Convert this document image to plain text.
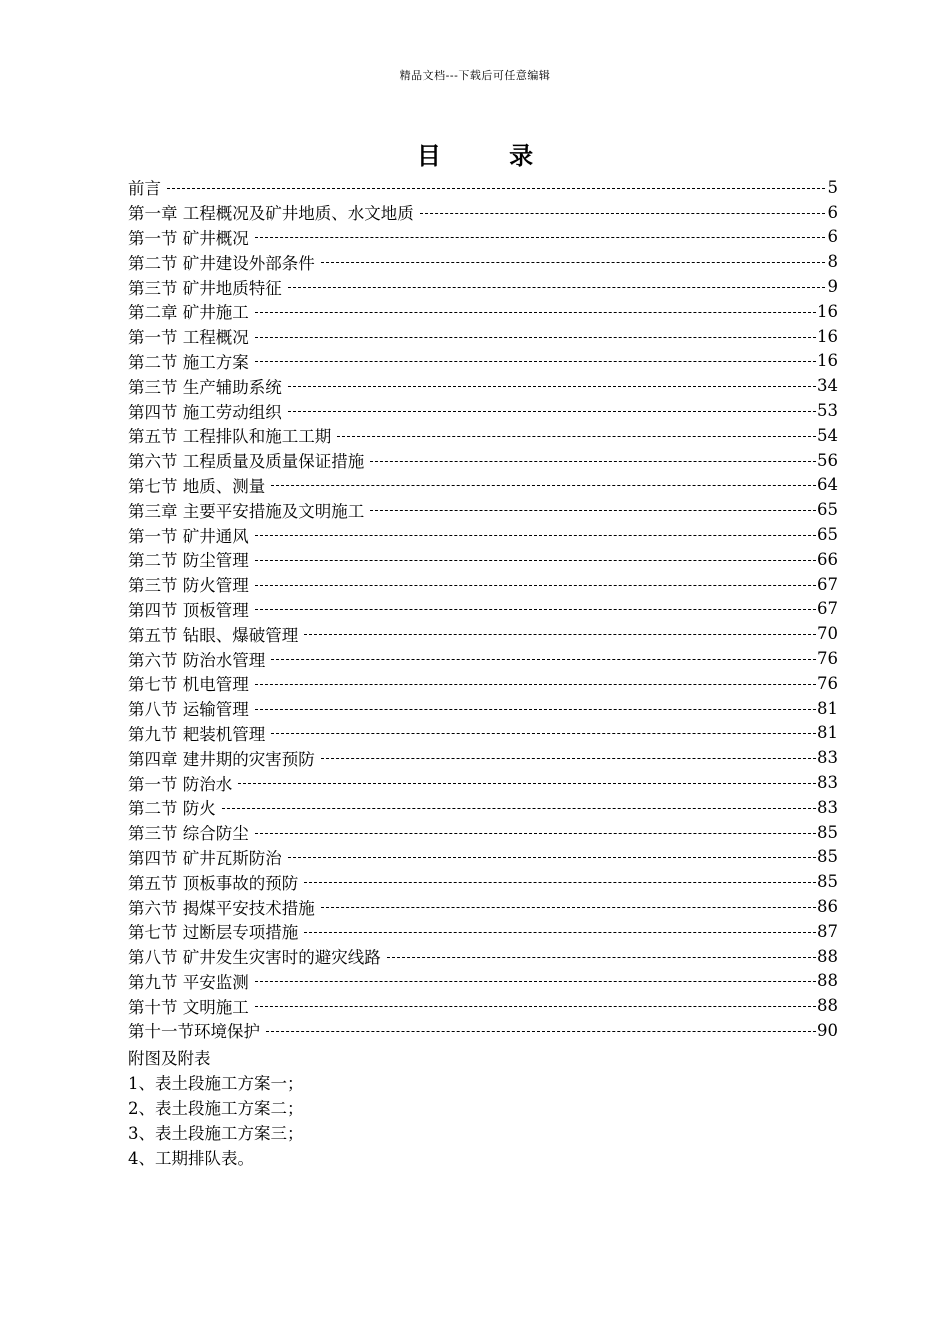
精品文档---下载后可任意编辑
目	录
前言	5
第一章 工程概况及矿井地质、水文地质	6
第一节 矿井概况	6
第二节 矿井建设外部条件	8
第三节 矿井地质特征	9
第二章 矿井施工	16
第一节 工程概况	16
第二节 施工方案	16
第三节 生产辅助系统	34
第四节 施工劳动组织	53
第五节 工程排队和施工工期	54
第六节 工程质量及质量保证措施	56
第七节 地质、测量	64
第三章 主要平安措施及文明施工	65
第一节 矿井通风	65
第二节 防尘管理	66
第三节 防火管理	67
第四节 顶板管理	67
第五节 钻眼、爆破管理	70
第六节 防治水管理	76
第七节 机电管理	76
第八节 运输管理	81
第九节 耙装机管理	81
第四章 建井期的灾害预防	83
第一节 防治水	83
第二节 防火	83
第三节 综合防尘	85
第四节 矿井瓦斯防治	85
第五节 顶板事故的预防	85
第六节 揭煤平安技术措施	86
第七节 过断层专项措施	87
第八节 矿井发生灾害时的避灾线路	88
第九节 平安监测	88
第十节 文明施工	88
第十一节环境保护	90
附图及附表
1、表土段施工方案一；
2、表土段施工方案二；
3、表土段施工方案三；
4、工期排队表。
